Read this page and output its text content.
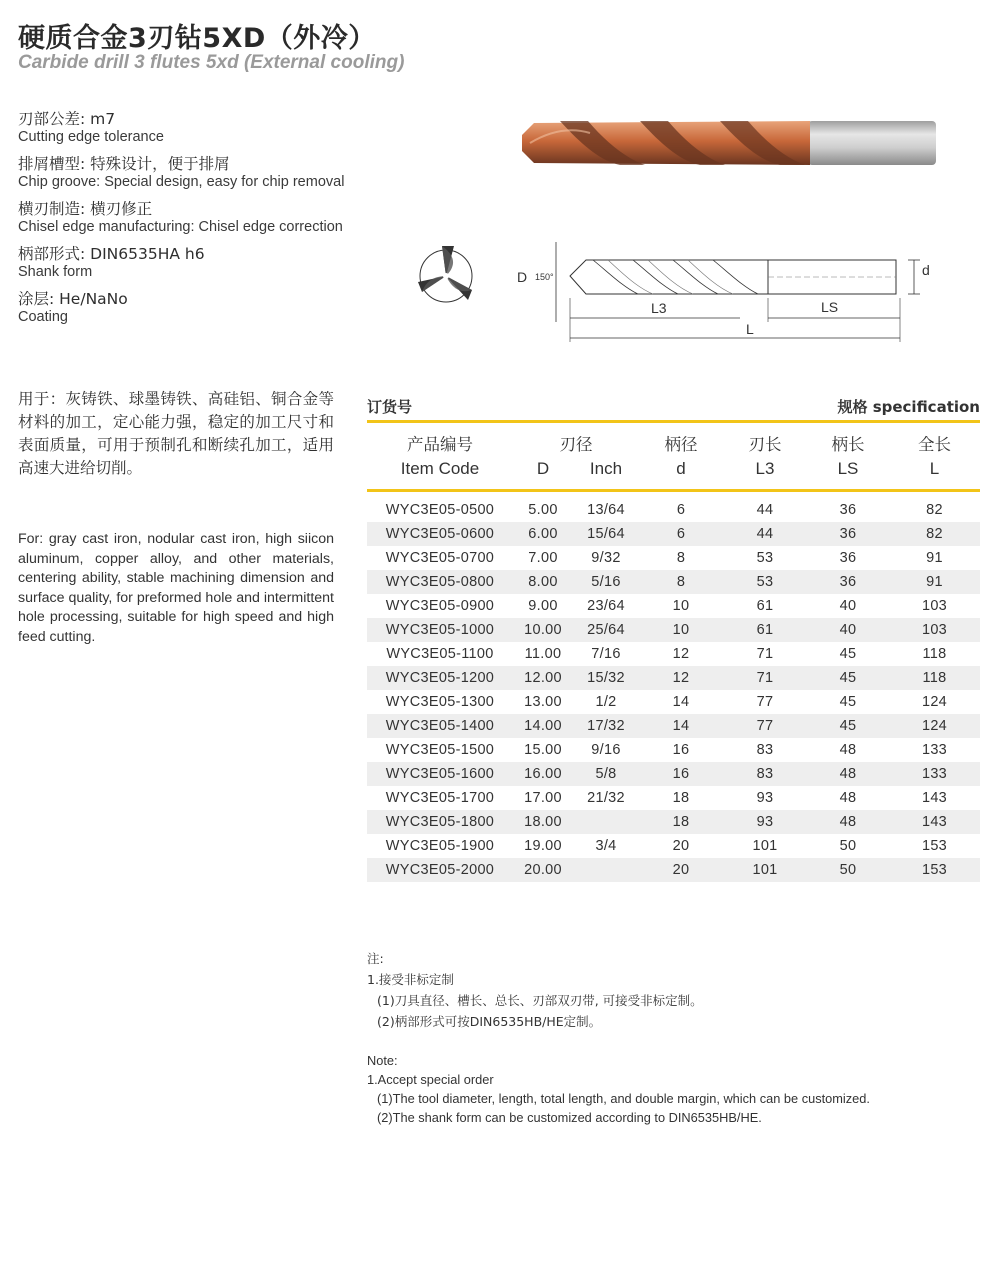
硬质合金3刃钻5XD（外冷）
Carbide drill 3 flutes 5xd (External cooling)
刃部公差: m7
Cutting edge tolerance
排屑槽型: 特殊设计，便于排屑
Chip groove: Special design, easy for chip removal
横刃制造: 横刃修正
Chisel edge manufacturing: Chisel edge correction
柄部形式: DIN6535HA h6
Shank form
涂层: He/NaNo
Coating
D 150°	d
L3	LS
L
用于：灰铸铁、球墨铸铁、高硅铝、铜合金等材料的加工，定心能力强，稳定的加工尺寸和表面质量，可用于预制孔和断续孔加工，适用高速大进给切削。
For: gray cast iron, nodular cast iron, high siicon aluminum, copper alloy, and other materials, centering ability, stable machining dimension and surface quality, for preformed hole and intermittent hole processing, suitable for high speed and high feed cutting.
订货号	规格 specification
产品编号	刃径		柄径	刃长	柄长	全长
Item Code	D	Inch	d	L3	LS	L

WYC3E05-0500	5.00	13/64	6	44	36	82
WYC3E05-0600	6.00	15/64	6	44	36	82
WYC3E05-0700	7.00	9/32	8	53	36	91
WYC3E05-0800	8.00	5/16	8	53	36	91
WYC3E05-0900	9.00	23/64	10	61	40	103
WYC3E05-1000	10.00	25/64	10	61	40	103
WYC3E05-1100	11.00	7/16	12	71	45	118
WYC3E05-1200	12.00	15/32	12	71	45	118
WYC3E05-1300	13.00	1/2	14	77	45	124
WYC3E05-1400	14.00	17/32	14	77	45	124
WYC3E05-1500	15.00	9/16	16	83	48	133
WYC3E05-1600	16.00	5/8	16	83	48	133
WYC3E05-1700	17.00	21/32	18	93	48	143
WYC3E05-1800	18.00		18	93	48	143
WYC3E05-1900	19.00	3/4	20	101	50	153
WYC3E05-2000	20.00		20	101	50	153
注:
1.接受非标定制
(1)刀具直径、槽长、总长、刃部双刃带, 可接受非标定制。
(2)柄部形式可按DIN6535HB/HE定制。
Note:
1.Accept special order
(1)The tool diameter, length, total length, and double margin, which can be customized.
(2)The shank form can be customized according to DIN6535HB/HE.
